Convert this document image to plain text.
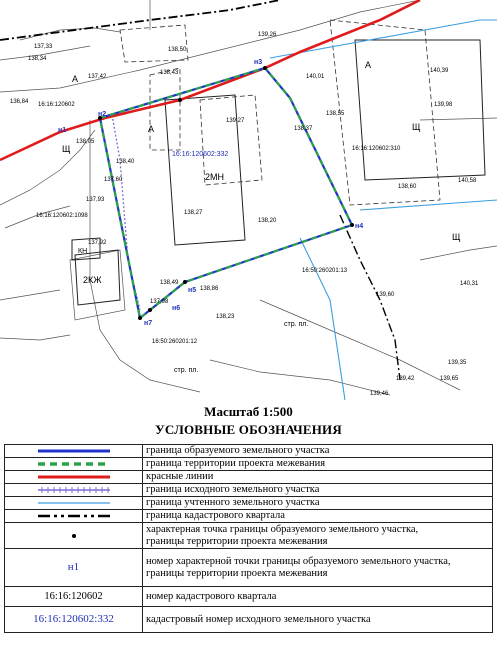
н1
н2
н3
н4
н5
н6
н7
16:16:120602
16:16:120602:332
16:16:120602:310
16:16:120602:1098
16:50:260201:13
16:50:260201:12
А
А
А
Щ
Щ
Щ
2МН
2КЖ
КН
стр. пл.
стр. пл.
137,33
137,42
136,84
138,05
137,93
137,92
138,40
137,60
138,50
139,26
138,43
140,01
140,39
139,98
139,27
138,37
138,20
138,60
138,27
138,55
140,58
140,31
139,60
138,23
139,65
139,46
139,35
139,42
138,86
137,98
138,49
138,34
Масштаб 1:500
УСЛОВНЫЕ ОБОЗНАЧЕНИЯ
	граница образуемого земельного участка

	граница территории проекта межевания

	красные линии

	граница исходного земельного участка

	граница учтенного земельного участка

	граница кадастрового квартала
	характерная точка границы образуемого земельного участка,
границы территории проекта межевания
н1	номер характерной точки границы образуемого земельного участка,
границы территории проекта межевания
16:16:120602	номер кадастрового квартала
16:16:120602:332	кадастровый номер исходного земельного участка
